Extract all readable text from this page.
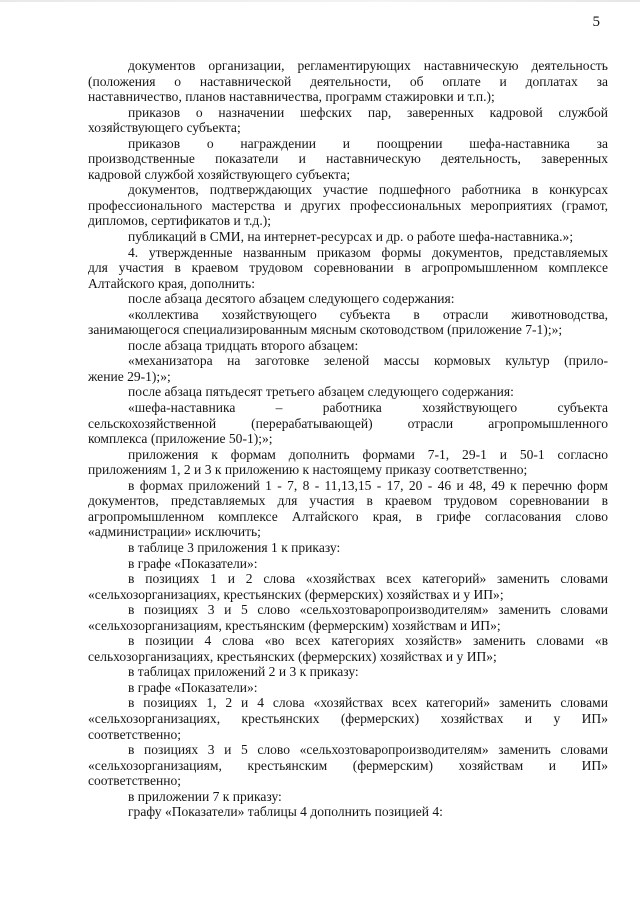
5
документов организации, регламентирующих наставническую деятельность
(положения о наставнической деятельности, об оплате и доплатах за
наставничество, планов наставничества, программ стажировки и т.п.);
приказов о назначении шефских пар, заверенных кадровой службой
хозяйствующего субъекта;
приказов о награждении и поощрении шефа-наставника за
производственные показатели и наставническую деятельность, заверенных
кадровой службой хозяйствующего субъекта;
документов, подтверждающих участие подшефного работника в конкурсах
профессионального мастерства и других профессиональных мероприятиях (грамот,
дипломов, сертификатов и т.д.);
публикаций в СМИ, на интернет-ресурсах и др. о работе шефа-наставника.»;
4. утвержденные названным приказом формы документов, представляемых
для участия в краевом трудовом соревновании в агропромышленном комплексе
Алтайского края, дополнить:
после абзаца десятого абзацем следующего содержания:
«коллектива хозяйствующего субъекта в отрасли животноводства,
занимающегося специализированным мясным скотоводством (приложение 7-1);»;
после абзаца тридцать второго абзацем:
«механизатора на заготовке зеленой массы кормовых культур (прило-
жение 29-1);»;
после абзаца пятьдесят третьего абзацем следующего содержания:
«шефа-наставника – работника хозяйствующего субъекта
сельскохозяйственной (перерабатывающей) отрасли агропромышленного
комплекса (приложение 50-1);»;
приложения к формам дополнить формами 7-1, 29-1 и 50-1 согласно
приложениям 1, 2 и 3 к приложению к настоящему приказу соответственно;
в формах приложений 1 - 7, 8 - 11,13,15 - 17, 20 - 46 и 48, 49 к перечню форм
документов, представляемых для участия в краевом трудовом соревновании в
агропромышленном комплексе Алтайского края, в грифе согласования слово
«администрации» исключить;
в таблице 3 приложения 1 к приказу:
в графе «Показатели»:
в позициях 1 и 2 слова «хозяйствах всех категорий» заменить словами
«сельхозорганизациях, крестьянских (фермерских) хозяйствах и у ИП»;
в позициях 3 и 5 слово «сельхозтоваропроизводителям» заменить словами
«сельхозорганизациям, крестьянским (фермерским) хозяйствам и ИП»;
в позиции 4 слова «во всех категориях хозяйств» заменить словами «в
сельхозорганизациях, крестьянских (фермерских) хозяйствах и у ИП»;
в таблицах приложений 2 и 3 к приказу:
в графе «Показатели»:
в позициях 1, 2 и 4 слова «хозяйствах всех категорий» заменить словами
«сельхозорганизациях, крестьянских (фермерских) хозяйствах и у ИП»
соответственно;
в позициях 3 и 5 слово «сельхозтоваропроизводителям» заменить словами
«сельхозорганизациям, крестьянским (фермерским) хозяйствам и ИП»
соответственно;
в приложении 7 к приказу:
графу «Показатели» таблицы 4 дополнить позицией 4:
